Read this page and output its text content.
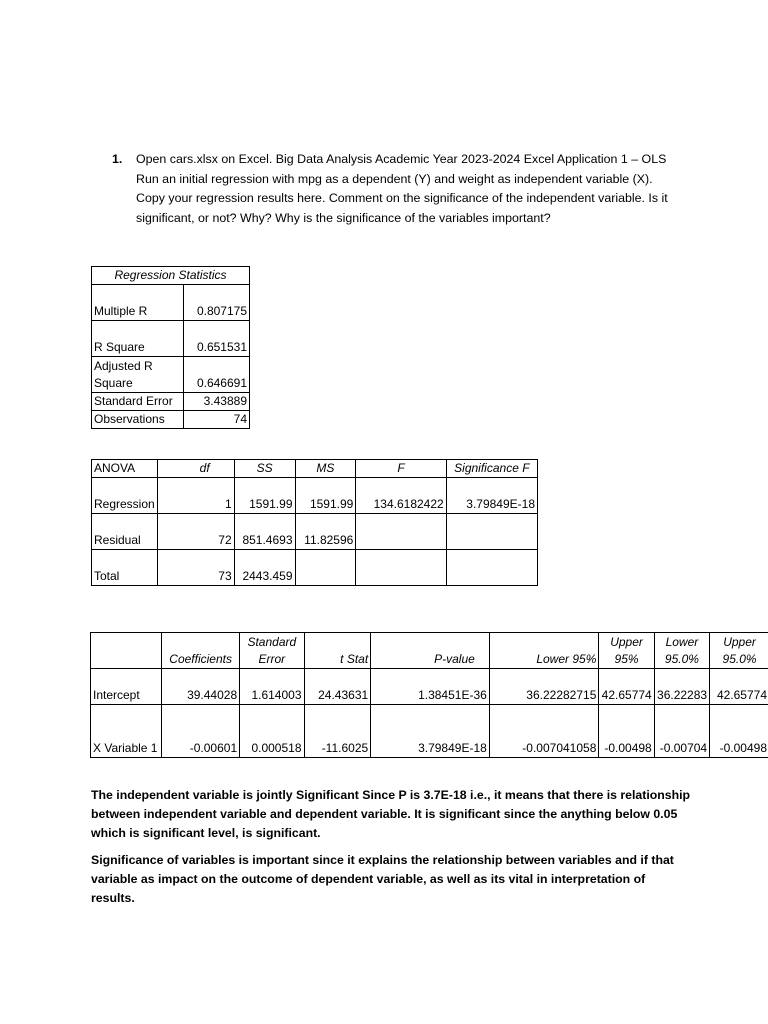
1. Open cars.xlsx on Excel. Big Data Analysis Academic Year 2023-2024 Excel Application 1 – OLS Run an initial regression with mpg as a dependent (Y) and weight as independent variable (X). Copy your regression results here. Comment on the significance of the independent variable. Is it significant, or not? Why? Why is the significance of the variables important?
Regression Statistics	
Multiple R	0.807175
R Square	0.651531
Adjusted R Square	0.646691
Standard Error	3.43889
Observations	74
ANOVA	df	SS	MS	F	Significance F
Regression	1	1591.99	1591.99	134.6182422	3.79849E-18
Residual	72	851.4693	11.82596		
Total	73	2443.459			
	Coefficients	Standard Error	t Stat	P-value	Lower 95%	Upper 95%	Lower 95.0%	Upper 95.0%
Intercept	39.44028	1.614003	24.43631	1.38451E-36	36.22282715	42.65774	36.22283	42.65774
X Variable 1	-0.00601	0.000518	-11.6025	3.79849E-18	-0.007041058	-0.00498	-0.00704	-0.00498
The independent variable is jointly Significant Since P is 3.7E-18 i.e., it means that there is relationship between independent variable and dependent variable. It is significant since the anything below 0.05 which is significant level, is significant.
Significance of variables is important since it explains the relationship between variables and if that variable as impact on the outcome of dependent variable, as well as its vital in interpretation of results.
